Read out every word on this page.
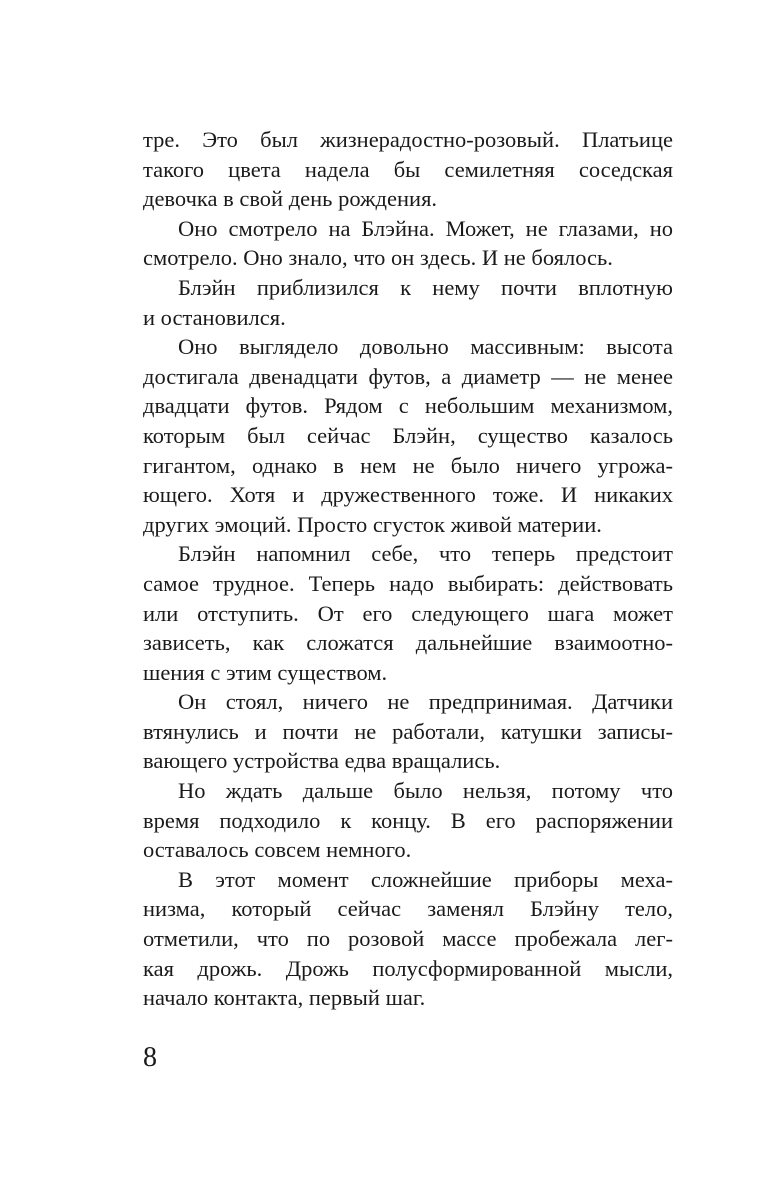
тре. Это был жизнерадостно-розовый. Платьице
такого цвета надела бы семилетняя соседская
девочка в свой день рождения.
Оно смотрело на Блэйна. Может, не глазами, но
смотрело. Оно знало, что он здесь. И не боялось.
Блэйн приблизился к нему почти вплотную
и остановился.
Оно выглядело довольно массивным: высота
достигала двенадцати футов, а диаметр — не менее
двадцати футов. Рядом с небольшим механизмом,
которым был сейчас Блэйн, существо казалось
гигантом, однако в нем не было ничего угрожа-
ющего. Хотя и дружественного тоже. И никаких
других эмоций. Просто сгусток живой материи.
Блэйн напомнил себе, что теперь предстоит
самое трудное. Теперь надо выбирать: действовать
или отступить. От его следующего шага может
зависеть, как сложатся дальнейшие взаимоотно-
шения с этим существом.
Он стоял, ничего не предпринимая. Датчики
втянулись и почти не работали, катушки записы-
вающего устройства едва вращались.
Но ждать дальше было нельзя, потому что
время подходило к концу. В его распоряжении
оставалось совсем немного.
В этот момент сложнейшие приборы меха-
низма, который сейчас заменял Блэйну тело,
отметили, что по розовой массе пробежала лег-
кая дрожь. Дрожь полусформированной мысли,
начало контакта, первый шаг.
8
